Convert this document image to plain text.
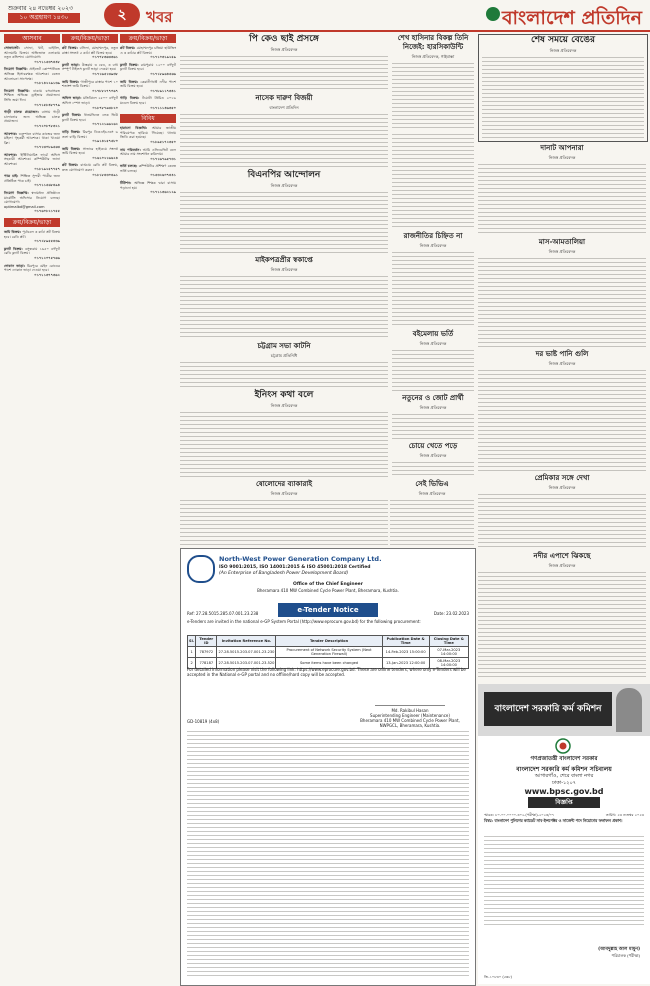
শুক্রবার ২৪ নভেম্বর ২০২৩
১০ অগ্রহায়ণ ১৪৩০	২	খবর	বাংলাদেশ প্রতিদিন
আসবাব
সোফাসেট: সোফা, খাট, ডাইনিং, আলমারি বিক্রয়। অভিজাত এলাকায় নতুন কন্ডিশন। যোগাযোগ:
০১৭১১৫৩৭৪৪৮
নিয়োগ বিজ্ঞপ্তি: প্রাইভেট কোম্পানিতে অভিজ্ঞ হিসাবরক্ষক আবশ্যক। বেতন আলোচনা সাপেক্ষে।
০১৮১৪২২৯১৩৯
নিয়োগ বিজ্ঞপ্তি: ঢাকায় বসবাসরত শিক্ষিত অভিজ্ঞ ড্রাইভার প্রয়োজন। সিভি জমা দিন।
০১৭১৫৮৪৮৭৭৯
গাড়ী চালক প্রয়োজন: বাসায় গাড়ী চালানোর জন্য অভিজ্ঞ চালক প্রয়োজন।
০১৭২০৮৭৮৩২১
আবশ্যক: গুলশানে বাসার কাজের জন্য মহিলা গৃহকর্মী আবশ্যক। থাকা খাওয়া ফ্রি।
০১৭১৩০৮৯৫৬৩
আবশ্যক: ইঞ্জিনিয়ারিং ফার্মে অফিস সহকারী আবশ্যক। কম্পিউটার জানা আবশ্যক।
০১৮১৯২৫৭৭৫৭
পাত্র চাই: শিক্ষিত সুন্দরী পাত্রীর জন্য প্রতিষ্ঠিত পাত্র চাই।
০১৭১১৫৬৮৪৯৪
নিয়োগ বিজ্ঞপ্তি: স্বনামধন্য প্রতিষ্ঠানে মার্কেটিং অফিসার নিয়োগ চলছে। যোগাযোগ: optimalbd@gmail.com
০১৭৬০৮২১৭৫৫
ক্রয়/বিক্রয়/ভাড়া
জমি বিক্রয়: পূর্বাচলে ৩ কাঠা প্লট বিক্রয় হবে। রেডি প্লট।
০১৭২৮৯৫৫৪৩৯
ফ্ল্যাট বিক্রয়: বসুন্ধরায় ১৬৫০ বর্গফুট রেডি ফ্ল্যাট বিক্রয়।
০১৭১২০৭৫৭৬৬
দোকান ভাড়া: মিরপুরে মেইন রোডের পাশে দোকান ভাড়া দেওয়া হবে।
০১৭১১৩৭৭৩৬২
ক্রয়/বিক্রয়/ভাড়া
প্লট বিক্রয়: বসিলা, মোহাম্মদপুর, নতুন রাস্তা সংলগ্ন ৫ কাঠা প্লট বিক্রয় হবে।
০১৭৭৮৩৬৩৩৬১
ফ্ল্যাট ভাড়া: উত্তরায় ৩ বেড, ৩ বাথ সম্পূর্ণ টাইলস ফ্ল্যাট ভাড়া দেওয়া হবে।
০১৭১৬৫১৩৯৩৮
জমি বিক্রয়: গাজীপুরে রাস্তার পাশে ১০ শতাংশ জমি বিক্রয়।
০১৭৮৮২৭৭০৬৭
অফিস ভাড়া: মতিঝিলে ২৫০০ বর্গফুট অফিস স্পেস ভাড়া।
০১৮৭৮৭৯৩৮২০
ফ্ল্যাট বিক্রয়: ধানমন্ডিতে লেক ভিউ ফ্ল্যাট বিক্রয় হবে।
০১৭১২১৯৬২৬২
বাড়ি বিক্রয়: মিরপুর ডিওএইচএসে ৬ তলা বাড়ি বিক্রয়।
০১৯১৪১৫৭৫৮০
জমি বিক্রয়: সাভারে হাইওয়ে সংলগ্ন জমি বিক্রয় হবে।
০১৬১০২১৬৬২৪
প্লট বিক্রয়: বাড্ডায় রেডি প্লট বিক্রয়, দ্রুত যোগাযোগ করুন।
০১৮১৮৪৩০৪৯১
ক্রয়/বিক্রয়/ভাড়া
প্লট বিক্রয়: মোহাম্মদপুর চন্দ্রিমা হাউজিং এ ৩ কাঠার প্লট বিক্রয়।
০১৭১০৩১৯২৫৯
ফ্ল্যাট বিক্রয়: রামপুরায় ১২০০ বর্গফুট ফ্ল্যাট বিক্রয় হবে।
০১৭১৮৯৬৪৫৬৬
জমি বিক্রয়: কেরানীগঞ্জে নদীর পাশে জমি বিক্রয় হবে।
০১৭৮৯১১৭৩৪১
গাড়ি বিক্রয়: টয়োটা প্রিমিও ২০১৬ মডেল বিক্রয় হবে।
০১৭১১১৪৬৩৫০
বিবিধ
হারানো বিজ্ঞপ্তি: আমার জাতীয় পরিচয়পত্র হারিয়ে গিয়েছে। থানায় জিডি করা হয়েছে।
০১৮৯৫১৭২৩৫০
নাম পরিবর্তন: আমি এফিডেভিট বলে আমার নাম সংশোধন করিলাম।
০১৭১৬৭৯৫৭৩১
ভর্তি চলছে: কম্পিউটার প্রশিক্ষণ কেন্দ্রে ভর্তি চলছে।
০১৫৩২৬০৭৪৪১
টিউশন: অভিজ্ঞ শিক্ষক দ্বারা বাসায় পড়ানো হয়।
০১৭১১৩৬২১২৯
পি কেও ছাই প্রসঙ্গে
নিজস্ব প্রতিবেদক
নাসেক দারুণ বিজয়ী
বাংলাদেশ প্রতিদিন
বিএনপির আন্দোলন
নিজস্ব প্রতিবেদক
মাইকপত্রপ্রীর স্বকাপ্তে
নিজস্ব প্রতিবেদক
চট্টগ্রাম সভা কাটনি
চট্টগ্রাম প্রতিনিধি
ইনিংস কথা বলে
নিজস্ব প্রতিবেদক
ষোলোদের ব্যাকারাই
নিজস্ব প্রতিবেদক
সেই ভিভিএ
নিজস্ব প্রতিবেদক
শেখ হাসিনার বিকল্প তিনি নিজেই: হারসিকাউন্টি
নিজস্ব প্রতিবেদক, গাইবান্ধা
রাজনীতির চিহ্নিত না
নিজস্ব প্রতিবেদক
বইমেলায় ভর্তি
নিজস্ব প্রতিবেদক
নতুনের ও জোট প্রার্থী
নিজস্ব প্রতিবেদক
চোয়ে খেতে পড়ে
নিজস্ব প্রতিবেদক
শেষ সময়ে বেঙের
নিজস্ব প্রতিবেদক
দানাট আপনারা
নিজস্ব প্রতিবেদক
মাস-আমতালিয়া
নিজস্ব প্রতিবেদক
দর ভাষ্ট পানি গুলি
নিজস্ব প্রতিবেদক
প্রেমিকার সঙ্গে দেখা
নিজস্ব প্রতিবেদক
নদীর এপাশে ঝিকছে
নিজস্ব প্রতিবেদক
North-West Power Generation Company Ltd.
ISO 9001:2015, ISO 14001:2015 & ISO 45001:2018 Certified
(An Enterprise of Bangladesh Power Development Board)
Office of the Chief Engineer
Bheramara 410 MW Combined Cycle Power Plant, Bheramara, Kushtia.
e-Tender Notice
Ref: 27.28.5015.285.07.001.23.238	Date: 23.02.2023
e-Tenders are invited in the national e-GP System Portal (http://www.eprocure.gov.bd) for the following procurement:
Sl.	Tender ID	Invitation Reference No.	Tender Description	Publication Date & Time	Closing Date & Time
1	787972	27.28.5015.203.07.001.23.230	Procurement of Network Security System (Next Generation Firewall)	14-Feb-2023 15:00:00	07-Mar-2023 14:00:00
2	778187	27.28.5015.203.07.001.23.520	Some items have been changed	13-Jan-2023 12:00:00	08-Mar-2023 14:00:00
For detailed information please visit the following link: https://www.eprocure.gov.bd. These are online tenders, where only e-Tenders will be accepted in the National e-GP portal and no offline/hard copy will be accepted.
Md. Rakibul Hasan
Superintending Engineer (Maintenance)
Bheramara 410 MW Combined Cycle Power Plant, NWPGCL, Bheramara, Kushtia.
GD-10819 (4x8)
বাংলাদেশ সরকারি কর্ম কমিশন
গণপ্রজাতন্ত্রী বাংলাদেশ সরকার
বাংলাদেশ সরকারি কর্ম কমিশন সচিবালয়
আগারগাঁও, শেরে বাংলা নগর
ঢাকা-১২০৭
www.bpsc.gov.bd
বিজ্ঞপ্তি
স্মারক: ৮০.০০.০০০০.৩০২.(পরীক্ষা)-২০২৩/০৭	তারিখ: ২৩ নভেম্বর ২০২৩
বিষয়: বাংলাদেশ পুলিশের ক্যাডেট সাব-ইন্সপেক্টর ও সার্জেন্ট পদে নিয়োগের ফলাফল প্রকাশ।
(আবদুল্লাহ আল মামুন)
পরিচালক (পরীক্ষা)
জি-১০৮৩০ (৫x৮)
